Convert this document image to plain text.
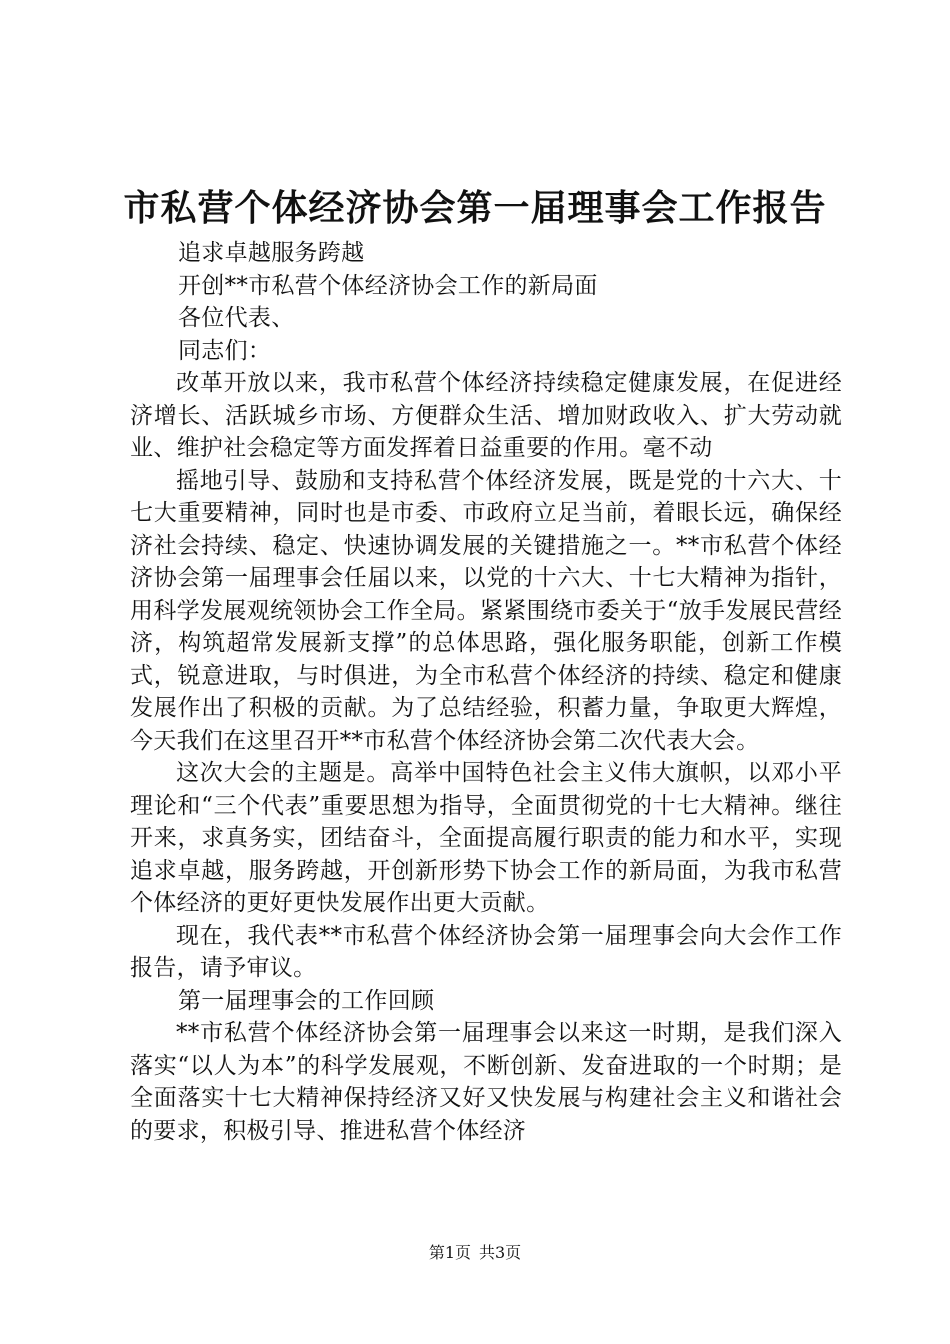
市私营个体经济协会第一届理事会工作报告

追求卓越服务跨越

开创**市私营个体经济协会工作的新局面

各位代表、

同志们：

改革开放以来，我市私营个体经济持续稳定健康发展，在促进经济增长、活跃城乡市场、方便群众生活、增加财政收入、扩大劳动就业、维护社会稳定等方面发挥着日益重要的作用。毫不动

摇地引导、鼓励和支持私营个体经济发展，既是党的十六大、十七大重要精神，同时也是市委、市政府立足当前，着眼长远，确保经济社会持续、稳定、快速协调发展的关键措施之一。**市私营个体经济协会第一届理事会任届以来，以党的十六大、十七大精神为指针，用科学发展观统领协会工作全局。紧紧围绕市委关于“放手发展民营经济，构筑超常发展新支撑”的总体思路，强化服务职能，创新工作模式，锐意进取，与时俱进，为全市私营个体经济的持续、稳定和健康发展作出了积极的贡献。为了总结经验，积蓄力量，争取更大辉煌，今天我们在这里召开**市私营个体经济协会第二次代表大会。

这次大会的主题是。高举中国特色社会主义伟大旗帜，以邓小平理论和“三个代表”重要思想为指导，全面贯彻党的十七大精神。继往开来，求真务实，团结奋斗，全面提高履行职责的能力和水平，实现追求卓越，服务跨越，开创新形势下协会工作的新局面，为我市私营个体经济的更好更快发展作出更大贡献。

现在，我代表**市私营个体经济协会第一届理事会向大会作工作报告，请予审议。

第一届理事会的工作回顾

**市私营个体经济协会第一届理事会以来这一时期，是我们深入落实“以人为本”的科学发展观，不断创新、发奋进取的一个时期；是全面落实十七大精神保持经济又好又快发展与构建社会主义和谐社会的要求，积极引导、推进私营个体经济

第1页 共3页
